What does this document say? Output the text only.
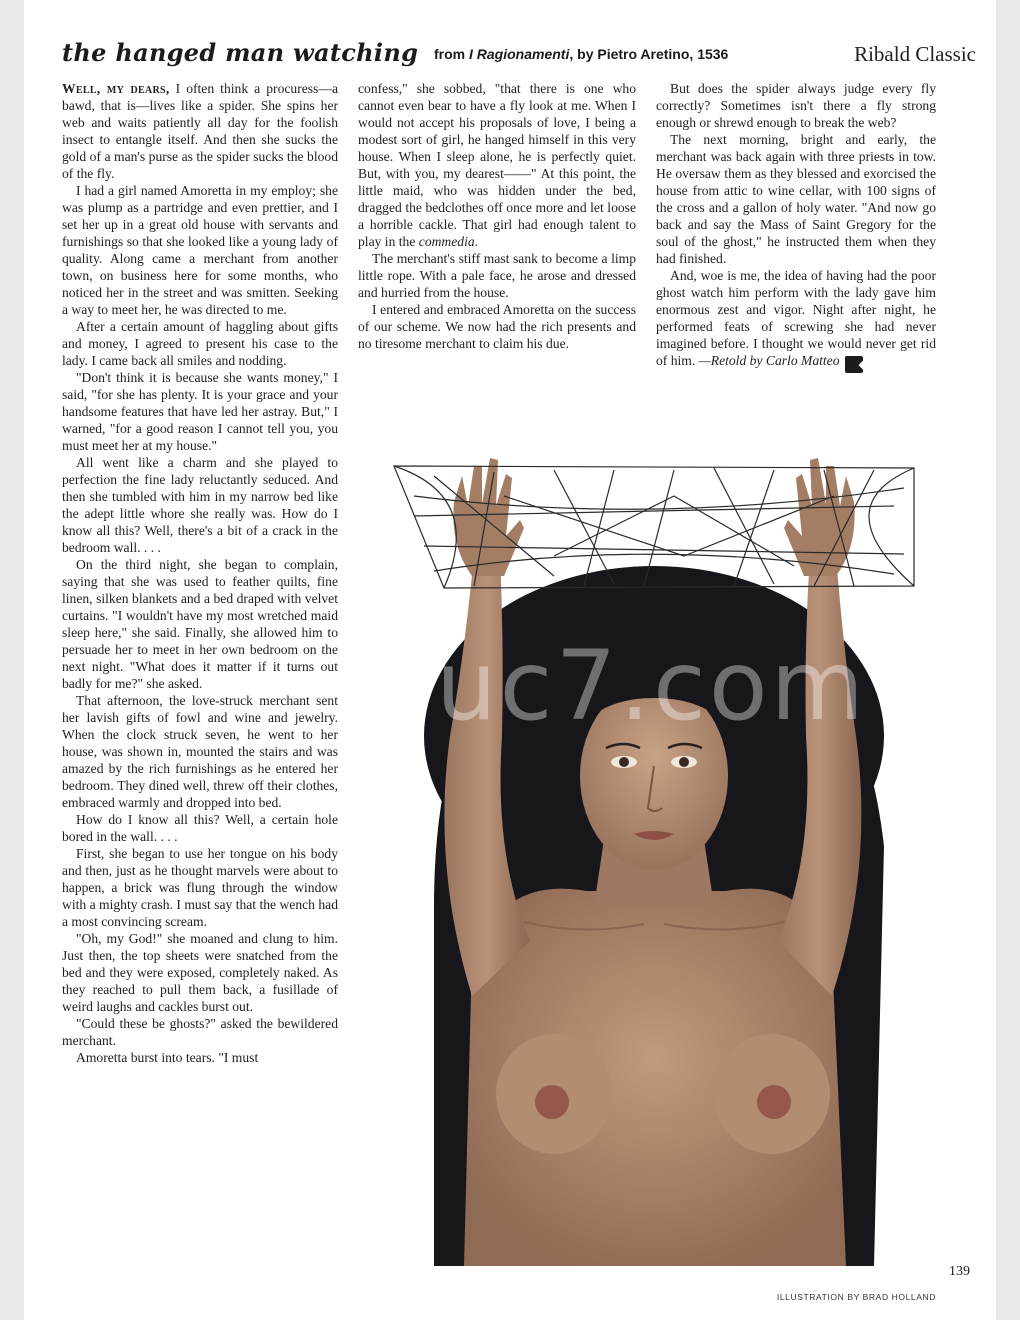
the hanged man watching from I Ragionamenti, by Pietro Aretino, 1536	Ribald Classic

Well, my dears, I often think a procuress—a bawd, that is—lives like a spider. She spins her web and waits patiently all day for the foolish insect to entangle itself. And then she sucks the gold of a man's purse as the spider sucks the blood of the fly.

I had a girl named Amoretta in my employ; she was plump as a partridge and even prettier, and I set her up in a great old house with servants and furnishings so that she looked like a young lady of quality. Along came a merchant from another town, on business here for some months, who noticed her in the street and was smitten. Seeking a way to meet her, he was directed to me.

After a certain amount of haggling about gifts and money, I agreed to present his case to the lady. I came back all smiles and nodding.

"Don't think it is because she wants money," I said, "for she has plenty. It is your grace and your handsome features that have led her astray. But," I warned, "for a good reason I cannot tell you, you must meet her at my house."

All went like a charm and she played to perfection the fine lady reluctantly seduced. And then she tumbled with him in my narrow bed like the adept little whore she really was. How do I know all this? Well, there's a bit of a crack in the bedroom wall. . . .

On the third night, she began to complain, saying that she was used to feather quilts, fine linen, silken blankets and a bed draped with velvet curtains. "I wouldn't have my most wretched maid sleep here," she said. Finally, she allowed him to persuade her to meet in her own bedroom on the next night. "What does it matter if it turns out badly for me?" she asked.

That afternoon, the love-struck merchant sent her lavish gifts of fowl and wine and jewelry. When the clock struck seven, he went to her house, was shown in, mounted the stairs and was amazed by the rich furnishings as he entered her bedroom. They dined well, threw off their clothes, embraced warmly and dropped into bed.

How do I know all this? Well, a certain hole bored in the wall. . . .

First, she began to use her tongue on his body and then, just as he thought marvels were about to happen, a brick was flung through the window with a mighty crash. I must say that the wench had a most convincing scream.

"Oh, my God!" she moaned and clung to him. Just then, the top sheets were snatched from the bed and they were exposed, completely naked. As they reached to pull them back, a fusillade of weird laughs and cackles burst out.

"Could these be ghosts?" asked the bewildered merchant.

Amoretta burst into tears. "I must

confess," she sobbed, "that there is one who cannot even bear to have a fly look at me. When I would not accept his proposals of love, I being a modest sort of girl, he hanged himself in this very house. When I sleep alone, he is perfectly quiet. But, with you, my dearest——" At this point, the little maid, who was hidden under the bed, dragged the bedclothes off once more and let loose a horrible cackle. That girl had enough talent to play in the commedia.

The merchant's stiff mast sank to become a limp little rope. With a pale face, he arose and dressed and hurried from the house.

I entered and embraced Amoretta on the success of our scheme. We now had the rich presents and no tiresome merchant to claim his due.

But does the spider always judge every fly correctly? Sometimes isn't there a fly strong enough or shrewd enough to break the web?

The next morning, bright and early, the merchant was back again with three priests in tow. He oversaw them as they blessed and exorcised the house from attic to wine cellar, with 100 signs of the cross and a gallon of holy water. "And now go back and say the Mass of Saint Gregory for the soul of the ghost," he instructed them when they had finished.

And, woe is me, the idea of having had the poor ghost watch him perform with the lady gave him enormous zest and vigor. Night after night, he performed feats of screwing she had never imagined before. I thought we would never get rid of him. —Retold by Carlo Matteo ◆

yuc7.com
139
ILLUSTRATION BY BRAD HOLLAND
